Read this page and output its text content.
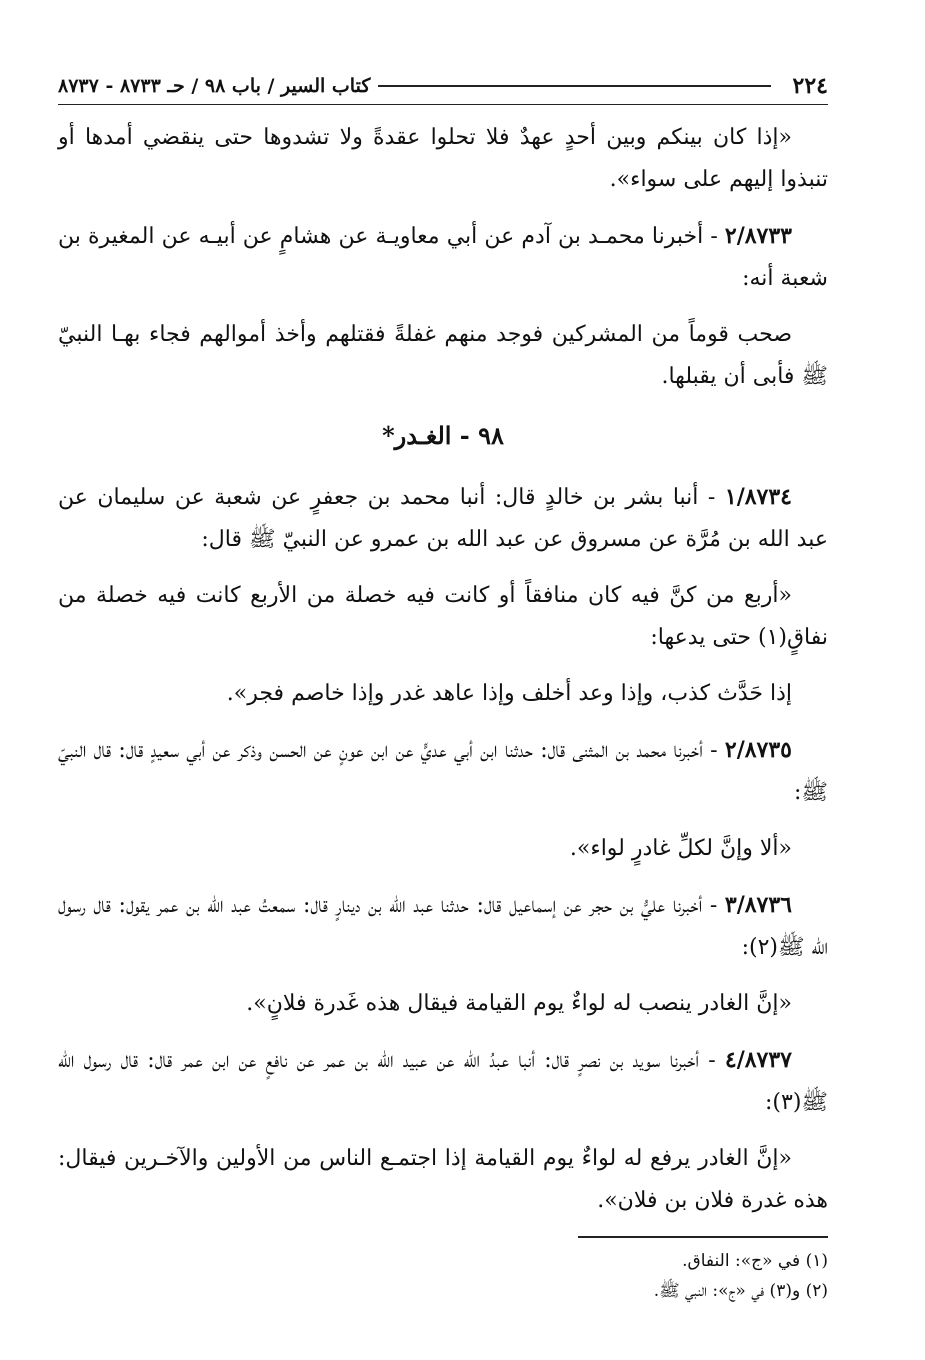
٢٢٤
كتاب السير / باب ٩٨ / حـ ٨٧٣٣ - ٨٧٣٧

«إذا كان بينكم وبين أحدٍ عهدٌ فلا تحلوا عقدةً ولا تشدوها حتى ينقضي أمدها أو تنبذوا إليهم على سواء».

٢/٨٧٣٣ - أخبرنا محمـد بن آدم عن أبي معاويـة عن هشامٍ عن أبيـه عن المغيرة بن شعبة أنه:

صحب قوماً من المشركين فوجد منهم غفلةً فقتلهم وأخذ أموالهم فجاء بهـا النبيّ ﷺ فأبى أن يقبلها.

٩٨ - الغـدر*

١/٨٧٣٤ - أنبا بشر بن خالدٍ قال: أنبا محمد بن جعفرٍ عن شعبة عن سليمان عن عبد الله بن مُرَّة عن مسروق عن عبد الله بن عمرو عن النبيّ ﷺ قال:

«أربع من كنَّ فيه كان منافقاً أو كانت فيه خصلة من الأربع كانت فيه خصلة من نفاقٍ(١) حتى يدعها:

إذا حَدَّث كذب، وإذا وعد أخلف وإذا عاهد غدر وإذا خاصم فجر».

٢/٨٧٣٥ - أخبرنا محمد بن المثنى قال: حدثنا ابن أبي عديٍّ عن ابن عونٍ عن الحسن وذكر عن أبي سعيدٍ قال: قال النبيّ ﷺ:

«ألا وإنَّ لكلِّ غادرٍ لواء».

٣/٨٧٣٦ - أخبرنا عليُّ بن حجر عن إسماعيل قال: حدثنا عبد الله بن دينارٍ قال: سمعتُ عبد الله بن عمر يقول: قال رسول الله ﷺ(٢):

«إنَّ الغادر ينصب له لواءٌ يوم القيامة فيقال هذه غَدرة فلانٍ».

٤/٨٧٣٧ - أخبرنا سويد بن نصرٍ قال: أنبا عبدُ الله عن عبيد الله بن عمر عن نافعٍ عن ابن عمر قال: قال رسول الله ﷺ(٣):

«إنَّ الغادر يرفع له لواءٌ يوم القيامة إذا اجتمـع الناس من الأولين والآخـرين فيقال: هذه غدرة فلان بن فلان».

(١) في «ج»: النفاق.

(٢) و(٣) في «ج»: النبي ﷺ.
